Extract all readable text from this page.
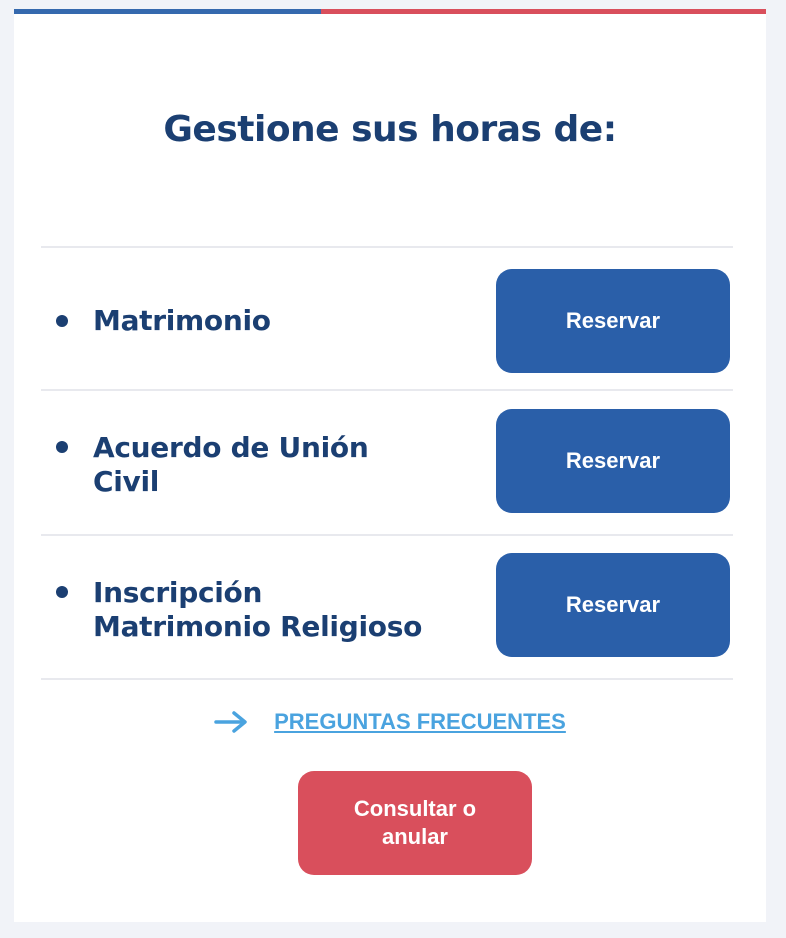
Gestione sus horas de:
Matrimonio	Reservar
Acuerdo de Unión
Civil
Reservar
Inscripción
Matrimonio Religioso
Reservar
PREGUNTAS FRECUENTES
Consultar o
anular
